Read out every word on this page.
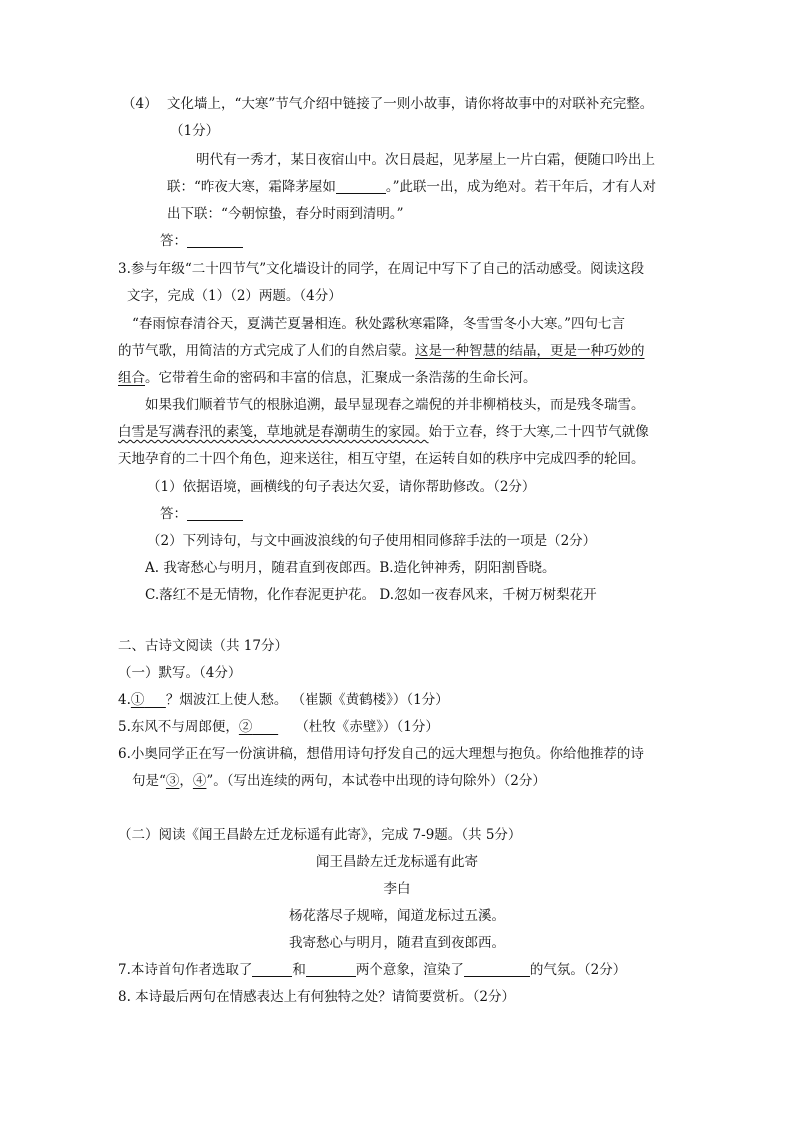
（4） 文化墙上，“大寒”节气介绍中链接了一则小故事，请你将故事中的对联补充完整。
（1分）
明代有一秀才，某日夜宿山中。次日晨起，见茅屋上一片白霜，便随口吟出上
联：“昨夜大寒，霜降茅屋如	。”此联一出，成为绝对。若干年后，才有人对
出下联：“今朝惊蛰，春分时雨到清明。”
答：
3.参与年级“二十四节气”文化墙设计的同学，在周记中写下了自己的活动感受。阅读这段
文字，完成（1）（2）两题。（4分）
“春雨惊春清谷天，夏满芒夏暑相连。秋处露秋寒霜降，冬雪雪冬小大寒。”四句七言
的节气歌，用简洁的方式完成了人们的自然启蒙。这是一种智慧的结晶，更是一种巧妙的
组合。它带着生命的密码和丰富的信息，汇聚成一条浩荡的生命长河。
如果我们顺着节气的根脉追溯，最早显现春之端倪的并非柳梢枝头，而是残冬瑞雪。
白雪是写满春汛的素笺，草地就是春潮萌生的家园。始于立春，终于大寒,二十四节气就像
天地孕育的二十四个角色，迎来送往，相互守望，在运转自如的秩序中完成四季的轮回。
（1）依据语境，画横线的句子表达欠妥，请你帮助修改。（2分）
答：
（2）下列诗句，与文中画波浪线的句子使用相同修辞手法的一项是（2分）
A. 我寄愁心与明月，随君直到夜郎西。B.造化钟神秀，阴阳割昏晓。
C.落红不是无情物，化作春泥更护花。 D.忽如一夜春风来，千树万树梨花开
二、古诗文阅读（共 17分）
（一）默写。（4分）
4.① ？烟波江上使人愁。 （崔颢《黄鹤楼》）（1分）
5.东风不与周郎便，②	（杜牧《赤壁》）（1分）
6.小奥同学正在写一份演讲稿，想借用诗句抒发自己的远大理想与抱负。你给他推荐的诗
句是“③，④”。（写出连续的两句，本试卷中出现的诗句除外）（2分）
（二）阅读《闻王昌龄左迁龙标遥有此寄》，完成 7-9题。（共 5分）
闻王昌龄左迁龙标遥有此寄
李白
杨花落尽子规啼，闻道龙标过五溪。
我寄愁心与明月，随君直到夜郎西。
7.本诗首句作者选取了	和	两个意象，渲染了	的气氛。（2分）
8. 本诗最后两句在情感表达上有何独特之处？请简要赏析。（2分）
